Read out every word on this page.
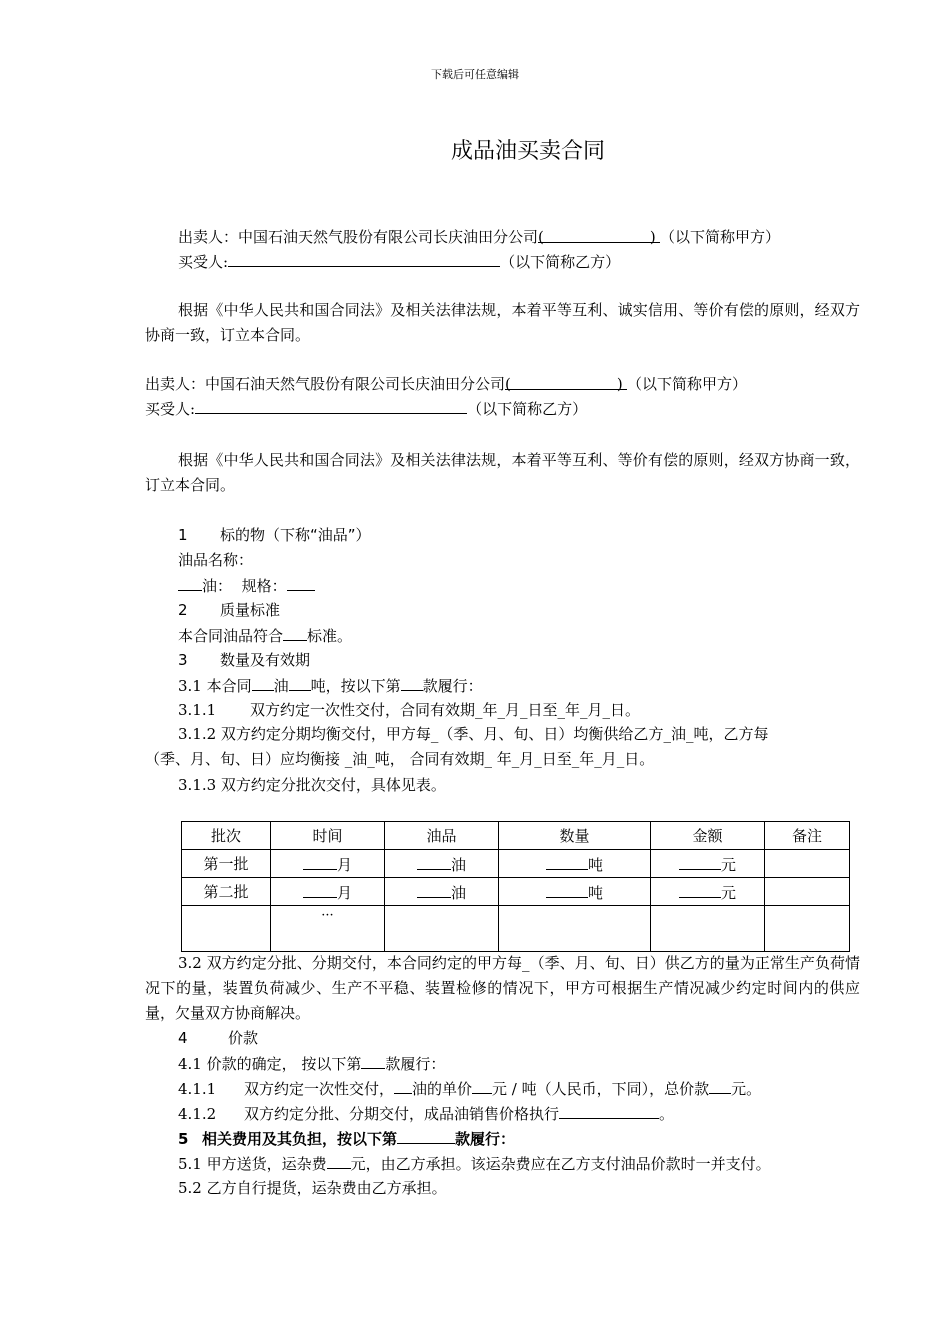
下载后可任意编辑
成品油买卖合同
出卖人：中国石油天然气股份有限公司长庆油田分公司(	) （以下简称甲方）
买受人:	（以下简称乙方）
根据《中华人民共和国合同法》及相关法律法规，本着平等互利、诚实信用、等价有偿的原则，经双方协商一致，订立本合同。
出卖人：中国石油天然气股份有限公司长庆油田分公司(	) （以下简称甲方）
买受人:	（以下简称乙方）
根据《中华人民共和国合同法》及相关法律法规，本着平等互利、等价有偿的原则，经双方协商一致，订立本合同。
1 标的物（下称“油品”）
油品名称：
油： 规格：
2 质量标准
本合同油品符合 标准。
3 数量及有效期
3.1 本合同 油 吨，按以下第 款履行：
3.1.1 双方约定一次性交付，合同有效期_年_月_日至_年_月_日。
3.1.2 双方约定分期均衡交付，甲方每_（季、月、旬、日）均衡供给乙方_油_吨，乙方每
（季、月、旬、日）应均衡接 _油_吨， 合同有效期_ 年_月_日至_年_月_日。
3.1.3 双方约定分批次交付，具体见表。
批次	时间	油品	数量	金额	备注
第一批	月	油	吨	元	
第二批	月	油	吨	元	
	···				
3.2 双方约定分批、分期交付，本合同约定的甲方每_（季、月、旬、日）供乙方的量为正常生产负荷情况下的量，装置负荷减少、生产不平稳、装置检修的情况下，甲方可根据生产情况减少约定时间内的供应量，欠量双方协商解决。
4	价款
4.1 价款的确定， 按以下第 款履行：
4.1.1 双方约定一次性交付， 油的单价 元 / 吨（人民币，下同），总价款 元。
4.1.2 双方约定分批、分期交付，成品油销售价格执行	。
5 相关费用及其负担，按以下第	款履行：
5.1 甲方送货，运杂费 元，由乙方承担。该运杂费应在乙方支付油品价款时一并支付。
5.2 乙方自行提货，运杂费由乙方承担。
